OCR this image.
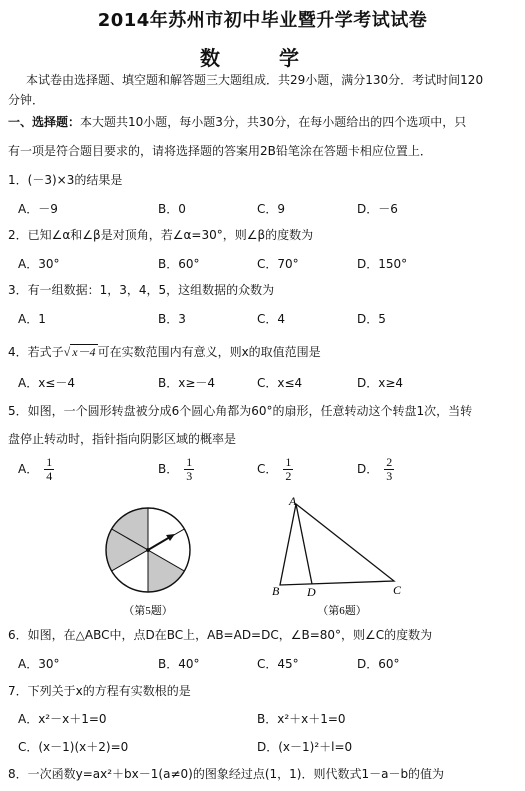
2014年苏州市初中毕业暨升学考试试卷
数 学
本试卷由选择题、填空题和解答题三大题组成．共29小题，满分130分．考试时间120
分钟．
一、选择题：本大题共10小题，每小题3分，共30分，在每小题给出的四个选项中，只
有一项是符合题目要求的，请将选择题的答案用2B铅笔涂在答题卡相应位置上．
1．(－3)×3的结果是
A．－9	B．0	C．9	D．－6
2．已知∠α和∠β是对顶角，若∠α=30°，则∠β的度数为
A．30°	B．60°	C．70°	D．150°
3．有一组数据：1，3，4，5，这组数据的众数为
A．1	B．3	C．4	D．5
4．若式子√ x－4 可在实数范围内有意义，则x的取值范围是
A．x≤－4	B．x≥－4	C．x≤4	D．x≥4
5．如图，一个圆形转盘被分成6个圆心角都为60°的扇形，任意转动这个转盘1次，当转
盘停止转动时，指针指向阴影区域的概率是
A． $\frac{1}{4}$	B． $\frac{1}{3}$	C． $\frac{1}{2}$	D． $\frac{2}{3}$
（第5题）
A
B D	C
（第6题）
6．如图，在△ABC中，点D在BC上，AB=AD=DC，∠B=80°，则∠C的度数为
A．30°	B．40°	C．45°	D．60°
7．下列关于x的方程有实数根的是
A．x²－x＋1=0	B．x²＋x＋1=0
C．(x－1)(x＋2)=0	D．(x－1)²＋l=0
8．一次函数y=ax²＋bx－1(a≠0)的图象经过点(1，1)．则代数式1－a－b的值为
